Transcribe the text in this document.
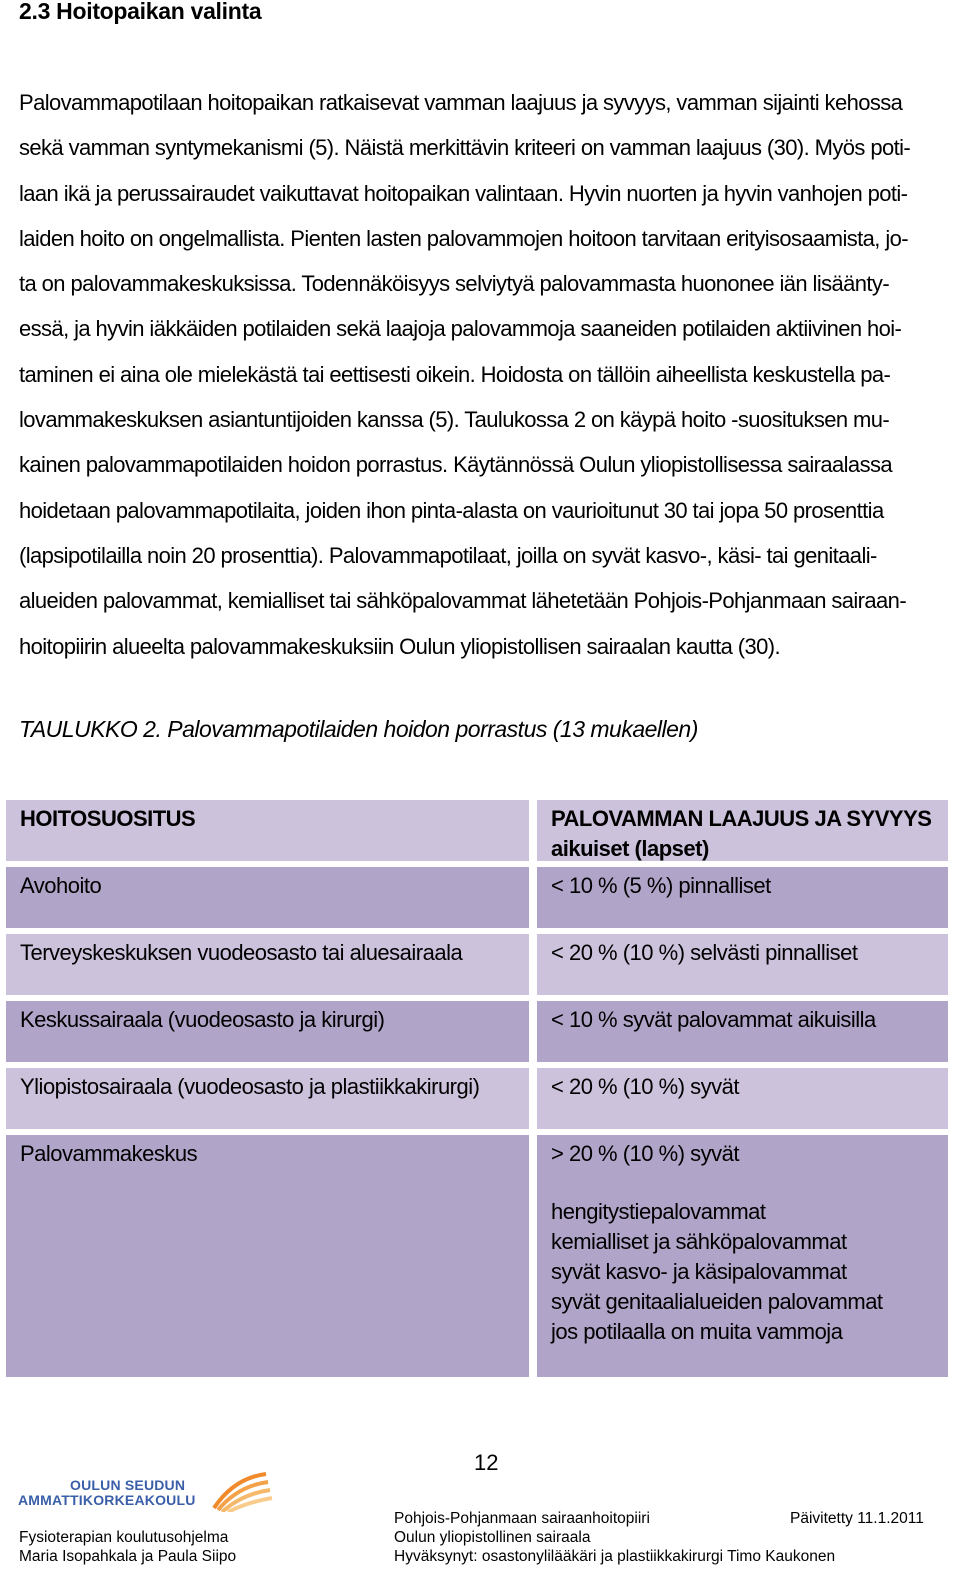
2.3 Hoitopaikan valinta
Palovammapotilaan hoitopaikan ratkaisevat vamman laajuus ja syvyys, vamman sijainti kehossa
sekä vamman syntymekanismi (5). Näistä merkittävin kriteeri on vamman laajuus (30). Myös poti-
laan ikä ja perussairaudet vaikuttavat hoitopaikan valintaan. Hyvin nuorten ja hyvin vanhojen poti-
laiden hoito on ongelmallista. Pienten lasten palovammojen hoitoon tarvitaan erityisosaamista, jo-
ta on palovammakeskuksissa. Todennäköisyys selviytyä palovammasta huononee iän lisäänty-
essä, ja hyvin iäkkäiden potilaiden sekä laajoja palovammoja saaneiden potilaiden aktiivinen hoi-
taminen ei aina ole mielekästä tai eettisesti oikein. Hoidosta on tällöin aiheellista keskustella pa-
lovammakeskuksen asiantuntijoiden kanssa (5). Taulukossa 2 on käypä hoito -suosituksen mu-
kainen palovammapotilaiden hoidon porrastus. Käytännössä Oulun yliopistollisessa sairaalassa
hoidetaan palovammapotilaita, joiden ihon pinta-alasta on vaurioitunut 30 tai jopa 50 prosenttia
(lapsipotilailla noin 20 prosenttia). Palovammapotilaat, joilla on syvät kasvo-, käsi- tai genitaali-
alueiden palovammat, kemialliset tai sähköpalovammat lähetetään Pohjois-Pohjanmaan sairaan-
hoitopiirin alueelta palovammakeskuksiin Oulun yliopistollisen sairaalan kautta (30).

TAULUKKO 2. Palovammapotilaiden hoidon porrastus (13 mukaellen)

HOITOSUOSITUS	PALOVAMMAN LAAJUUS JA SYVYYS aikuiset (lapset)
Avohoito	< 10 % (5 %) pinnalliset
Terveyskeskuksen vuodeosasto tai aluesairaala	< 20 % (10 %) selvästi pinnalliset
Keskussairaala (vuodeosasto ja kirurgi)	< 10 % syvät palovammat aikuisilla
Yliopistosairaala (vuodeosasto ja plastiikkakirurgi)	< 20 % (10 %) syvät
Palovammakeskus	> 20 % (10 %) syvät
hengitystiepalovammat
kemialliset ja sähköpalovammat
syvät kasvo- ja käsipalovammat
syvät genitaalialueiden palovammat
jos potilaalla on muita vammoja
12
OULUN SEUDUN
AMMATTIKORKEAKOULU
Fysioterapian koulutusohjelma
Maria Isopahkala ja Paula Siipo
Pohjois-Pohjanmaan sairaanhoitopiiri
Oulun yliopistollinen sairaala
Hyväksynyt: osastonylilääkäri ja plastiikkakirurgi Timo Kaukonen
Päivitetty 11.1.2011
